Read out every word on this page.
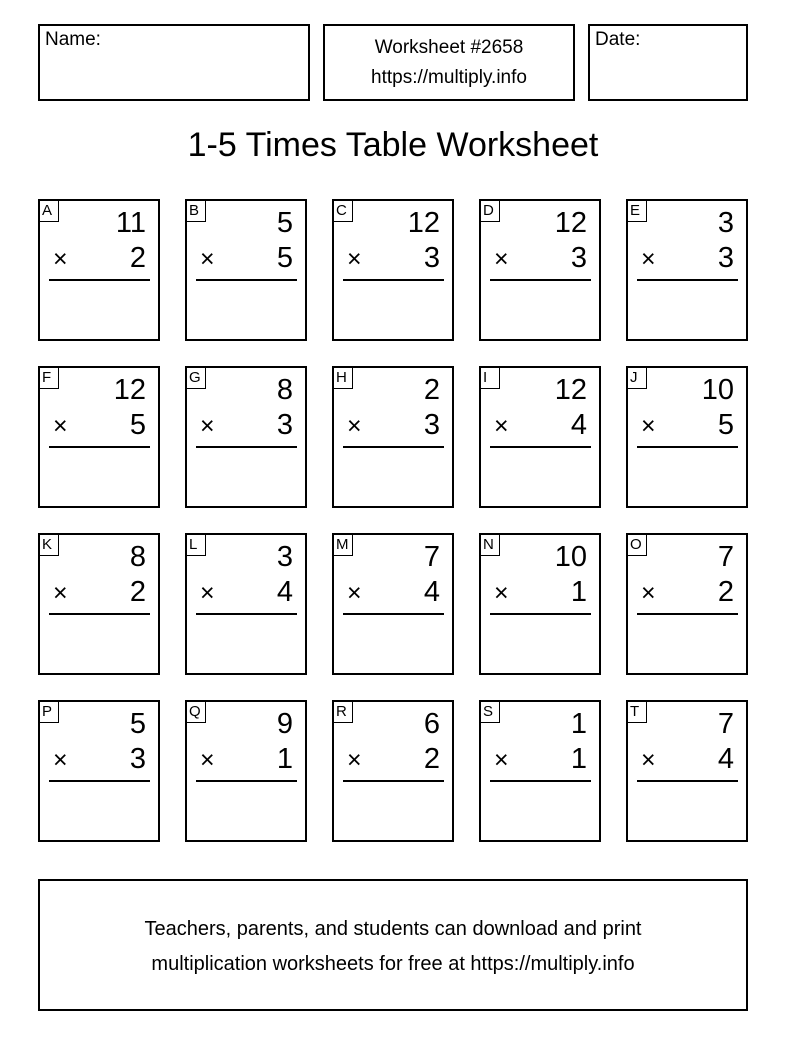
Name:	Worksheet #2658
https://multiply.info
Date:
1-5 Times Table Worksheet
A 11
× 2
B	5
× 5
C 12
× 3
D 12
× 3
E	3
× 3
F 12
× 5
G	8
× 3
H	2
× 3
I	12
× 4
J	10
× 5
K	8
× 2
L	3
× 4
M	7
× 4
N 10
× 1
O	7
× 2
P	5
× 3
Q	9
× 1
R	6
× 2
S	1
× 1
T	7
× 4
Teachers, parents, and students can download and print
multiplication worksheets for free at https://multiply.info
